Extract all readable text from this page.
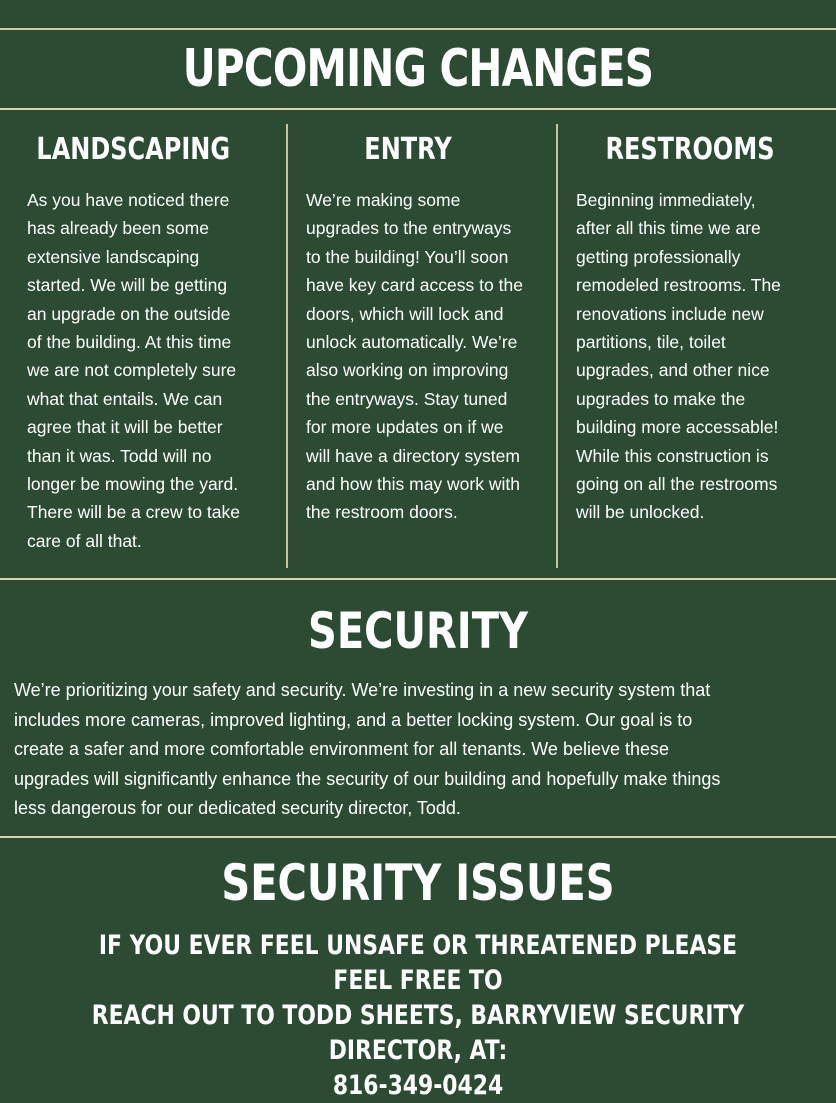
UPCOMING CHANGES
LANDSCAPING

As you have noticed there
has already been some
extensive landscaping
started. We will be getting
an upgrade on the outside
of the building. At this time
we are not completely sure
what that entails. We can
agree that it will be better
than it was. Todd will no
longer be mowing the yard.
There will be a crew to take
care of all that.

ENTRY

We’re making some
upgrades to the entryways
to the building! You’ll soon
have key card access to the
doors, which will lock and
unlock automatically. We’re
also working on improving
the entryways. Stay tuned
for more updates on if we
will have a directory system
and how this may work with
the restroom doors.

RESTROOMS

Beginning immediately,
after all this time we are
getting professionally
remodeled restrooms. The
renovations include new
partitions, tile, toilet
upgrades, and other nice
upgrades to make the
building more accessable!
While this construction is
going on all the restrooms
will be unlocked.

SECURITY

We’re prioritizing your safety and security. We’re investing in a new security system that
includes more cameras, improved lighting, and a better locking system. Our goal is to
create a safer and more comfortable environment for all tenants. We believe these
upgrades will significantly enhance the security of our building and hopefully make things
less dangerous for our dedicated security director, Todd.

SECURITY ISSUES

IF YOU EVER FEEL UNSAFE OR THREATENED PLEASE FEEL FREE TO
REACH OUT TO TODD SHEETS, BARRYVIEW SECURITY DIRECTOR, AT:
816-349-0424
